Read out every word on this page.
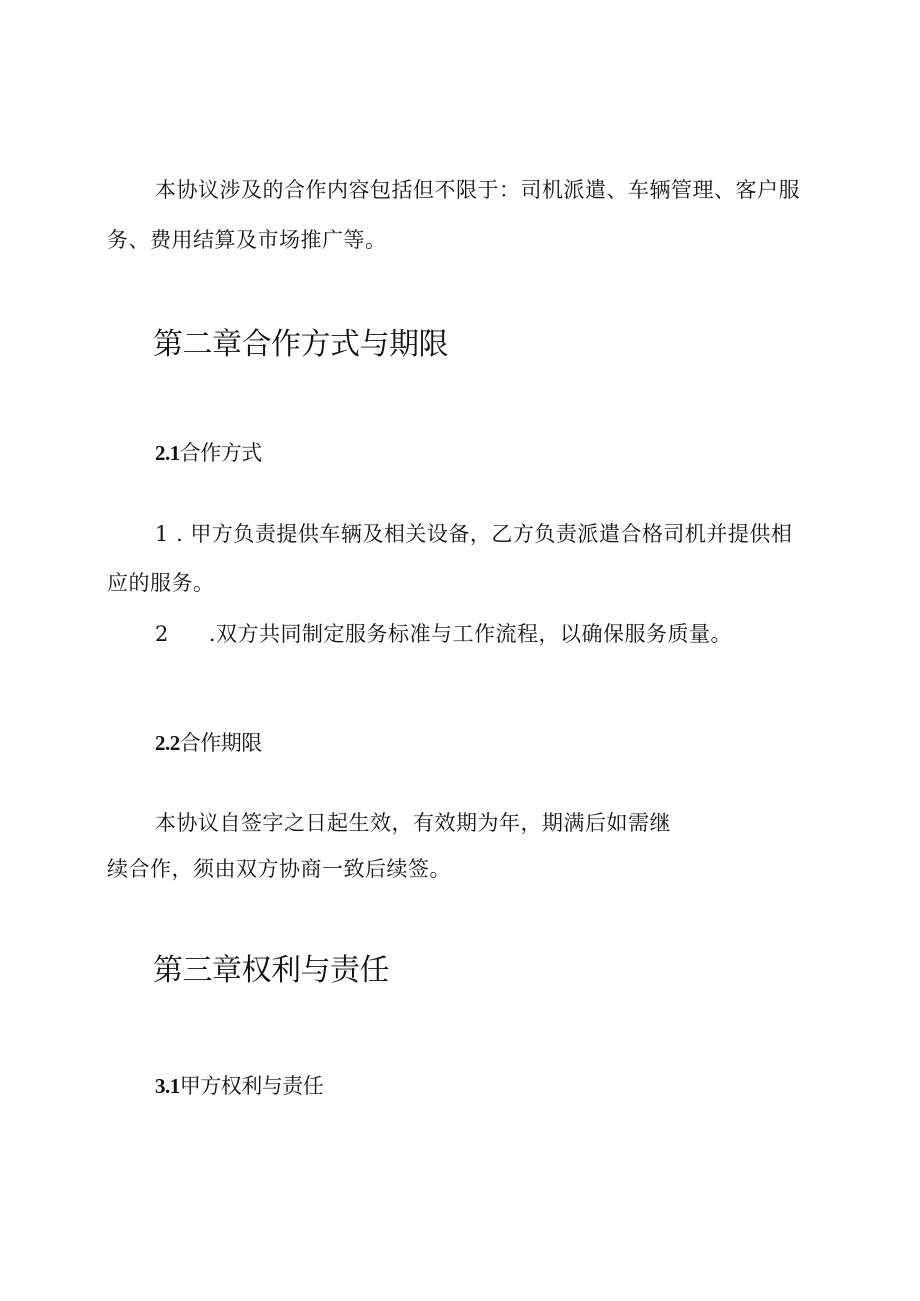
本协议涉及的合作内容包括但不限于：司机派遣、车辆管理、客户服
务、费用结算及市场推广等。
第二章合作方式与期限
2.1合作方式
1 . 甲方负责提供车辆及相关设备，乙方负责派遣合格司机并提供相
应的服务。
2 .双方共同制定服务标准与工作流程，以确保服务质量。
2.2合作期限
本协议自签字之日起生效，有效期为年，期满后如需继
续合作，须由双方协商一致后续签。
第三章权利与责任
3.1甲方权利与责任
